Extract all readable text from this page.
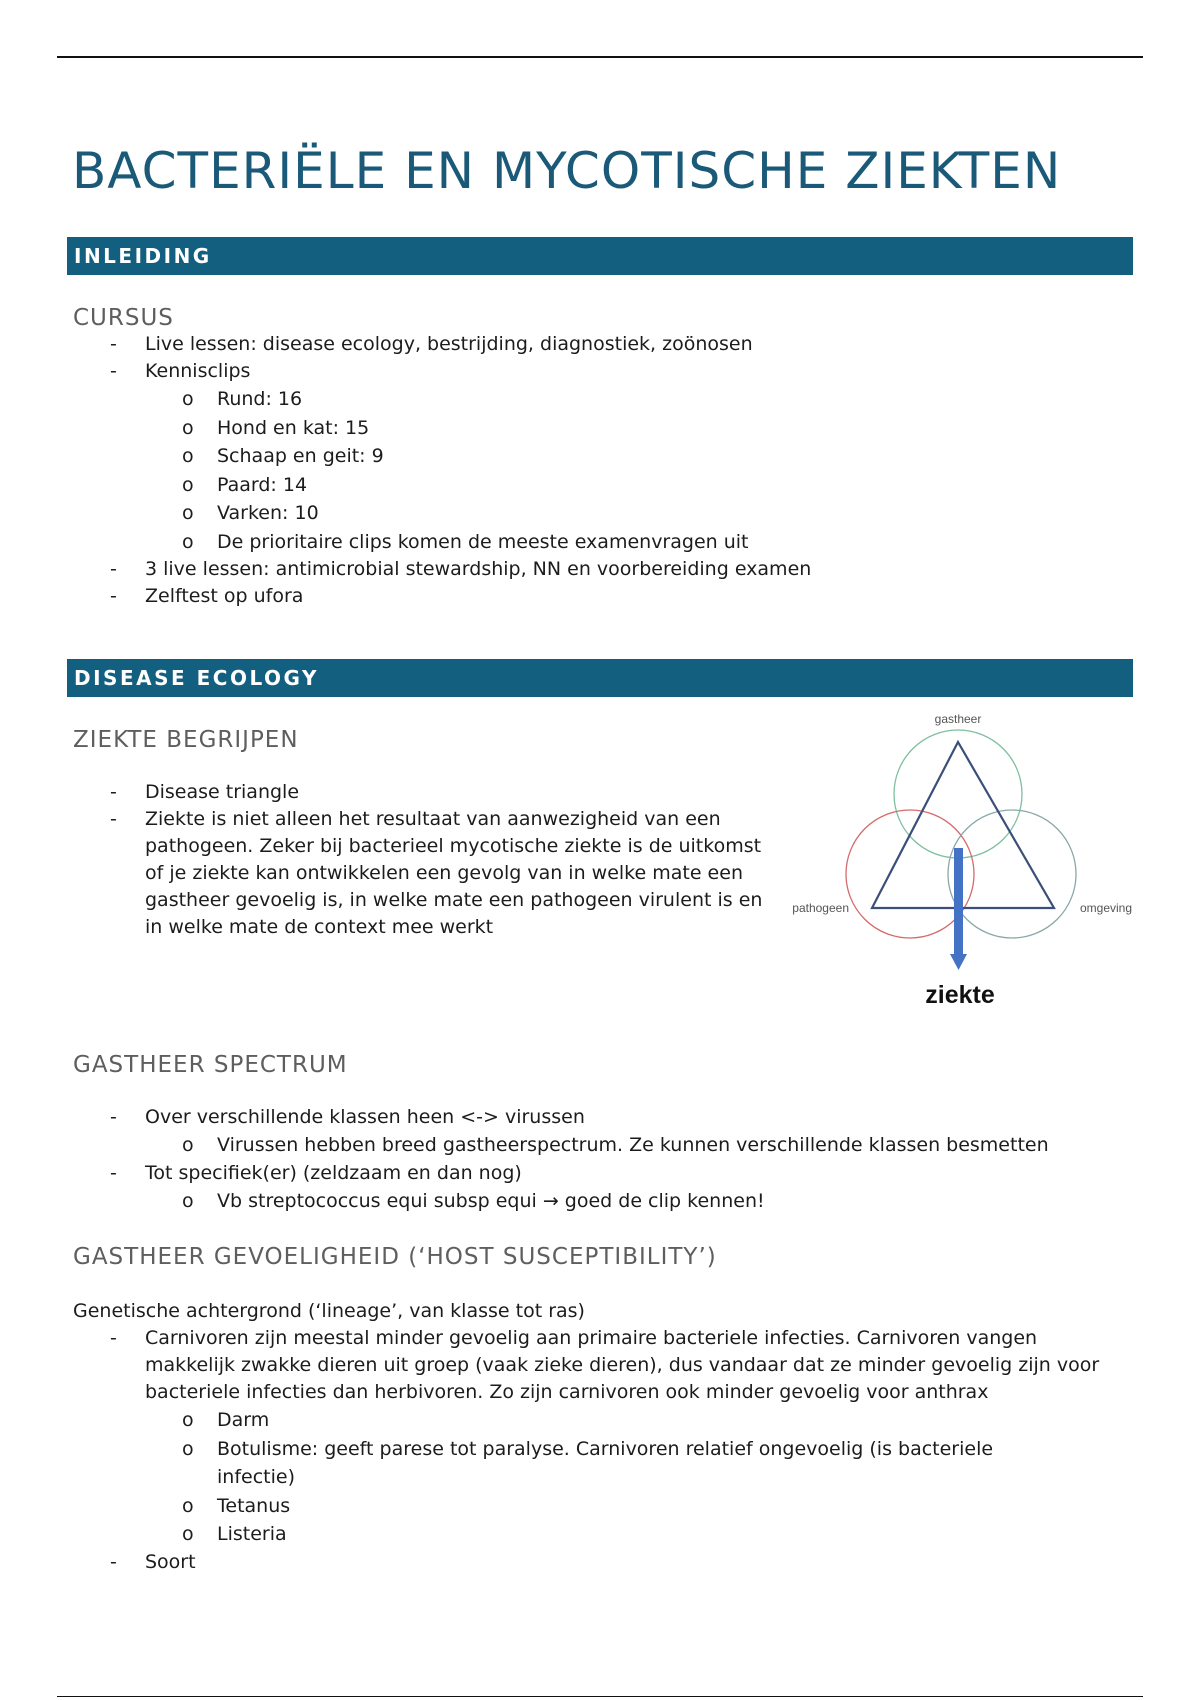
BACTERIËLE EN MYCOTISCHE ZIEKTEN
INLEIDING
CURSUS
- Live lessen: disease ecology, bestrijding, diagnostiek, zoönosen
- Kennisclips
o Rund: 16
o Hond en kat: 15
o Schaap en geit: 9
o Paard: 14
o Varken: 10
o De prioritaire clips komen de meeste examenvragen uit
- 3 live lessen: antimicrobial stewardship, NN en voorbereiding examen
- Zelftest op ufora
DISEASE ECOLOGY
ZIEKTE BEGRIJPEN
- Disease triangle
- Ziekte is niet alleen het resultaat van aanwezigheid van een pathogeen. Zeker bij bacterieel mycotische ziekte is de uitkomst of je ziekte kan ontwikkelen een gevolg van in welke mate een gastheer gevoelig is, in welke mate een pathogeen virulent is en in welke mate de context mee werkt
gastheer
pathogeen	omgeving
ziekte
GASTHEER SPECTRUM
- Over verschillende klassen heen <-> virussen
o Virussen hebben breed gastheerspectrum. Ze kunnen verschillende klassen besmetten
- Tot specifiek(er) (zeldzaam en dan nog)
o Vb streptococcus equi subsp equi → goed de clip kennen!
GASTHEER GEVOELIGHEID (‘HOST SUSCEPTIBILITY’)

Genetische achtergrond (‘lineage’, van klasse tot ras)

- Carnivoren zijn meestal minder gevoelig aan primaire bacteriele infecties. Carnivoren vangen makkelijk zwakke dieren uit groep (vaak zieke dieren), dus vandaar dat ze minder gevoelig zijn voor bacteriele infecties dan herbivoren. Zo zijn carnivoren ook minder gevoelig voor anthrax
o Darm
o Botulisme: geeft parese tot paralyse. Carnivoren relatief ongevoelig (is bacteriele infectie)
o Tetanus
o Listeria
- Soort
